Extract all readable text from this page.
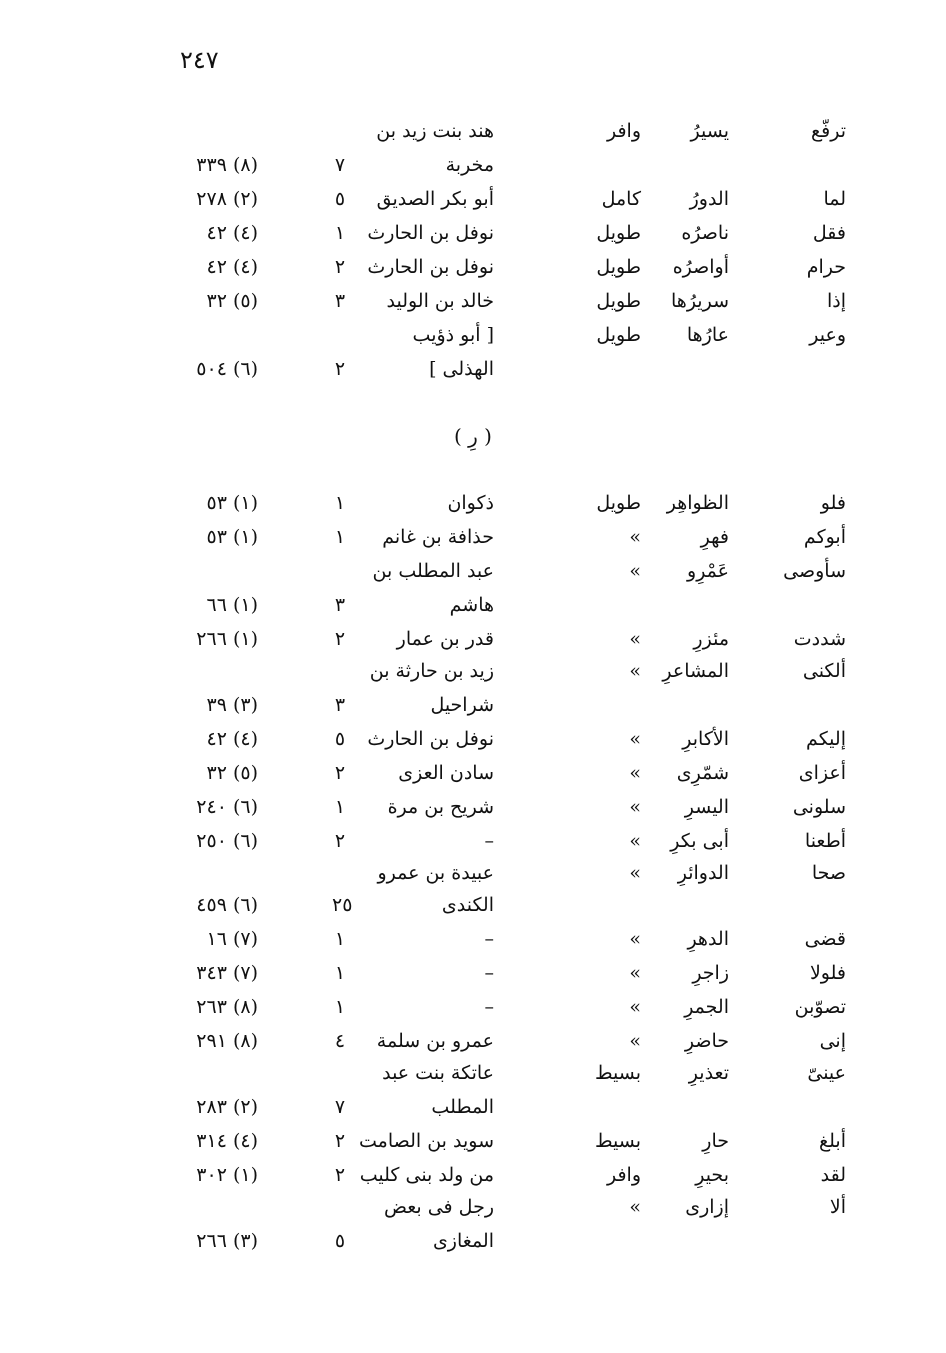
٢٤٧
( رِ )
ترفّع
يسيرُ
وافر
هند بنت زيد بن
مخربة
٧
(٨) ٣٣٩
لما
الدورُ
كامل
أبو بكر الصديق
٥
(٢) ٢٧٨
فقل
ناصرُه
طويل
نوفل بن الحارث
١
(٤) ٤٢
حرام
أواصرُه
طويل
نوفل بن الحارث
٢
(٤) ٤٢
إذا
سريرُها
طويل
خالد بن الوليد
٣
(٥) ٣٢
وعير
عارُها
طويل
[ أبو ذؤيب
الهذلى ]
٢
(٦) ٥٠٤
فلو
الظواهِر
طويل
ذكوان
١
(١) ٥٣
أبوكم
فهرِ
»
حذافة بن غانم
١
(١) ٥٣
سأوصى
عَمْرِو
»
عبد المطلب بن
هاشم
٣
(١) ٦٦
شددت
مئزرِ
»
قدر بن عمار
٢
(١) ٢٦٦
ألكنى
المشاعرِ
»
زيد بن حارثة بن
شراحيل
٣
(٣) ٣٩
إليكم
الأكابرِ
»
نوفل بن الحارث
٥
(٤) ٤٢
أعزاى
شمّرِى
»
سادن العزى
٢
(٥) ٣٢
سلونى
اليسرِ
»
شريح بن مرة
١
(٦) ٢٤٠
أطعنا
أبى بكرِ
»
–
٢
(٦) ٢٥٠
صحا
الدوائرِ
»
عبيدة بن عمرو
الكندى
٢٥
(٦) ٤٥٩
قضى
الدهرِ
»
–
١
(٧) ١٦
فلولا
زاجرِ
»
–
١
(٧) ٣٤٣
تصوّبن
الجمرِ
»
–
١
(٨) ٢٦٣
إنى
حاضرِ
»
عمرو بن سلمة
٤
(٨) ٢٩١
عينىّ
تعذيرِ
بسيط
عاتكة بنت عبد
المطلب
٧
(٢) ٢٨٣
أبلغ
حارِ
بسيط
سويد بن الصامت
٢
(٤) ٣١٤
لقد
بحيرِ
وافر
من ولد بنى كليب
٢
(١) ٣٠٢
ألا
إزارى
»
رجل فى بعض
المغازى
٥
(٣) ٢٦٦
